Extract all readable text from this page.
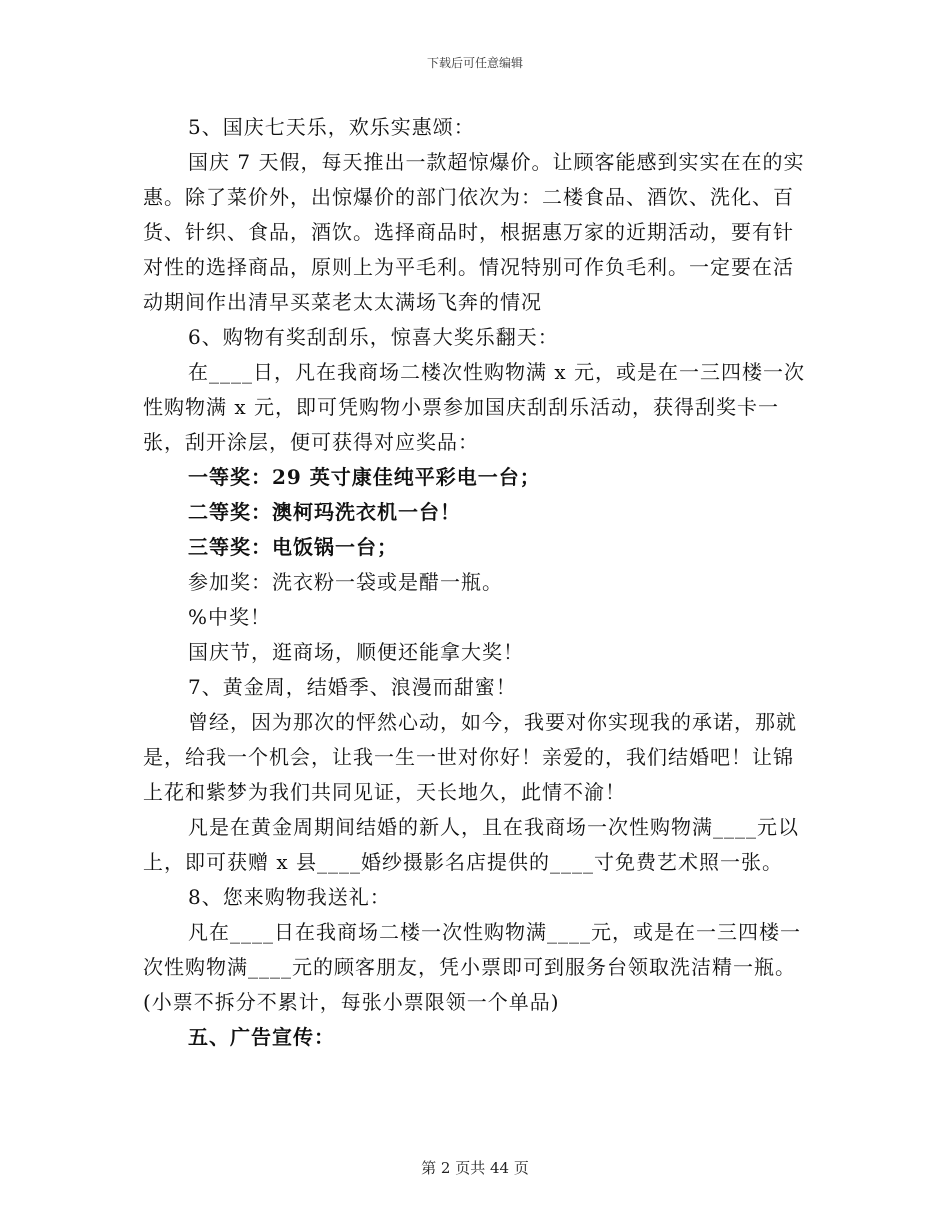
下载后可任意编辑

5、国庆七天乐，欢乐实惠颂：

国庆 7 天假，每天推出一款超惊爆价。让顾客能感到实实在在的实惠。除了菜价外，出惊爆价的部门依次为：二楼食品、酒饮、洗化、百货、针织、食品，酒饮。选择商品时，根据惠万家的近期活动，要有针对性的选择商品，原则上为平毛利。情况特别可作负毛利。一定要在活动期间作出清早买菜老太太满场飞奔的情况

6、购物有奖刮刮乐，惊喜大奖乐翻天：

在____日，凡在我商场二楼次性购物满 x 元，或是在一三四楼一次性购物满 x 元，即可凭购物小票参加国庆刮刮乐活动，获得刮奖卡一张，刮开涂层，便可获得对应奖品：

一等奖：29 英寸康佳纯平彩电一台；

二等奖：澳柯玛洗衣机一台！

三等奖：电饭锅一台；

参加奖：洗衣粉一袋或是醋一瓶。

%中奖！

国庆节，逛商场，顺便还能拿大奖！

7、黄金周，结婚季、浪漫而甜蜜！

曾经，因为那次的怦然心动，如今，我要对你实现我的承诺，那就是，给我一个机会，让我一生一世对你好！亲爱的，我们结婚吧！让锦上花和紫梦为我们共同见证，天长地久，此情不渝！

凡是在黄金周期间结婚的新人，且在我商场一次性购物满____元以上，即可获赠 x 县____婚纱摄影名店提供的____寸免费艺术照一张。

8、您来购物我送礼：

凡在____日在我商场二楼一次性购物满____元，或是在一三四楼一次性购物满____元的顾客朋友，凭小票即可到服务台领取洗洁精一瓶。(小票不拆分不累计，每张小票限领一个单品)

五、广告宣传：

第 2 页共 44 页
